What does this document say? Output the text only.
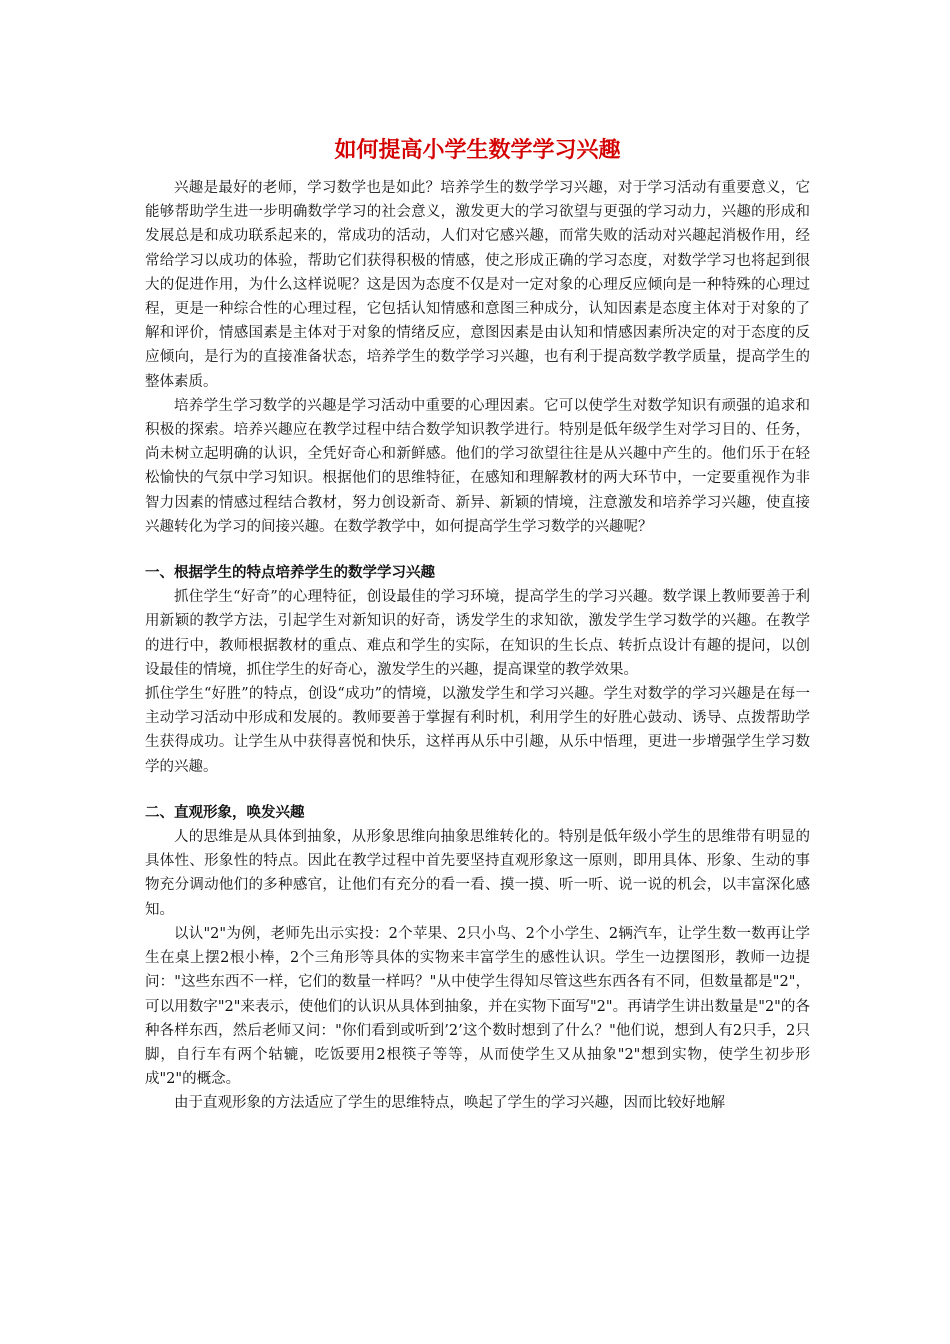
如何提高小学生数学学习兴趣

兴趣是最好的老师，学习数学也是如此？培养学生的数学学习兴趣，对于学习活动有重要意义，它能够帮助学生进一步明确数学学习的社会意义，激发更大的学习欲望与更强的学习动力，兴趣的形成和发展总是和成功联系起来的，常成功的活动，人们对它感兴趣，而常失败的活动对兴趣起消极作用，经常给学习以成功的体验，帮助它们获得积极的情感，使之形成正确的学习态度，对数学学习也将起到很大的促进作用，为什么这样说呢？这是因为态度不仅是对一定对象的心理反应倾向是一种特殊的心理过程，更是一种综合性的心理过程，它包括认知情感和意图三种成分，认知因素是态度主体对于对象的了解和评价，情感国素是主体对于对象的情绪反应，意图因素是由认知和情感因素所决定的对于态度的反应倾向，是行为的直接准备状态，培养学生的数学学习兴趣，也有利于提高数学教学质量，提高学生的整体素质。

培养学生学习数学的兴趣是学习活动中重要的心理因素。它可以使学生对数学知识有顽强的追求和积极的探索。培养兴趣应在教学过程中结合数学知识教学进行。特别是低年级学生对学习目的、任务，尚未树立起明确的认识，全凭好奇心和新鲜感。他们的学习欲望往往是从兴趣中产生的。他们乐于在轻松愉快的气氛中学习知识。根据他们的思维特征，在感知和理解教材的两大环节中，一定要重视作为非智力因素的情感过程结合教材，努力创设新奇、新异、新颖的情境，注意激发和培养学习兴趣，使直接兴趣转化为学习的间接兴趣。在数学教学中，如何提高学生学习数学的兴趣呢？

一、根据学生的特点培养学生的数学学习兴趣

抓住学生“好奇”的心理特征，创设最佳的学习环境，提高学生的学习兴趣。数学课上教师要善于利用新颖的教学方法，引起学生对新知识的好奇，诱发学生的求知欲，激发学生学习数学的兴趣。在教学的进行中，教师根据教材的重点、难点和学生的实际，在知识的生长点、转折点设计有趣的提问，以创设最佳的情境，抓住学生的好奇心，激发学生的兴趣，提高课堂的教学效果。

抓住学生“好胜”的特点，创设“成功”的情境，以激发学生和学习兴趣。学生对数学的学习兴趣是在每一主动学习活动中形成和发展的。教师要善于掌握有利时机，利用学生的好胜心鼓动、诱导、点拨帮助学生获得成功。让学生从中获得喜悦和快乐，这样再从乐中引趣，从乐中悟理，更进一步增强学生学习数学的兴趣。

二、直观形象，唤发兴趣

人的思维是从具体到抽象，从形象思维向抽象思维转化的。特别是低年级小学生的思维带有明显的具体性、形象性的特点。因此在教学过程中首先要坚持直观形象这一原则，即用具体、形象、生动的事物充分调动他们的多种感官，让他们有充分的看一看、摸一摸、听一听、说一说的机会，以丰富深化感知。

以认"2"为例，老师先出示实投：2个苹果、2只小鸟、2个小学生、2辆汽车，让学生数一数再让学生在桌上摆2根小棒，2个三角形等具体的实物来丰富学生的感性认识。学生一边摆图形，教师一边提问："这些东西不一样，它们的数量一样吗？"从中使学生得知尽管这些东西各有不同，但数量都是"2"，可以用数字"2"来表示，使他们的认识从具体到抽象，并在实物下面写"2"。再请学生讲出数量是"2"的各种各样东西，然后老师又问："你们看到或听到’2’这个数时想到了什么？"他们说，想到人有2只手，2只脚，自行车有两个轱辘，吃饭要用2根筷子等等，从而使学生又从抽象"2"想到实物，使学生初步形成"2"的概念。

由于直观形象的方法适应了学生的思维特点，唤起了学生的学习兴趣，因而比较好地解
